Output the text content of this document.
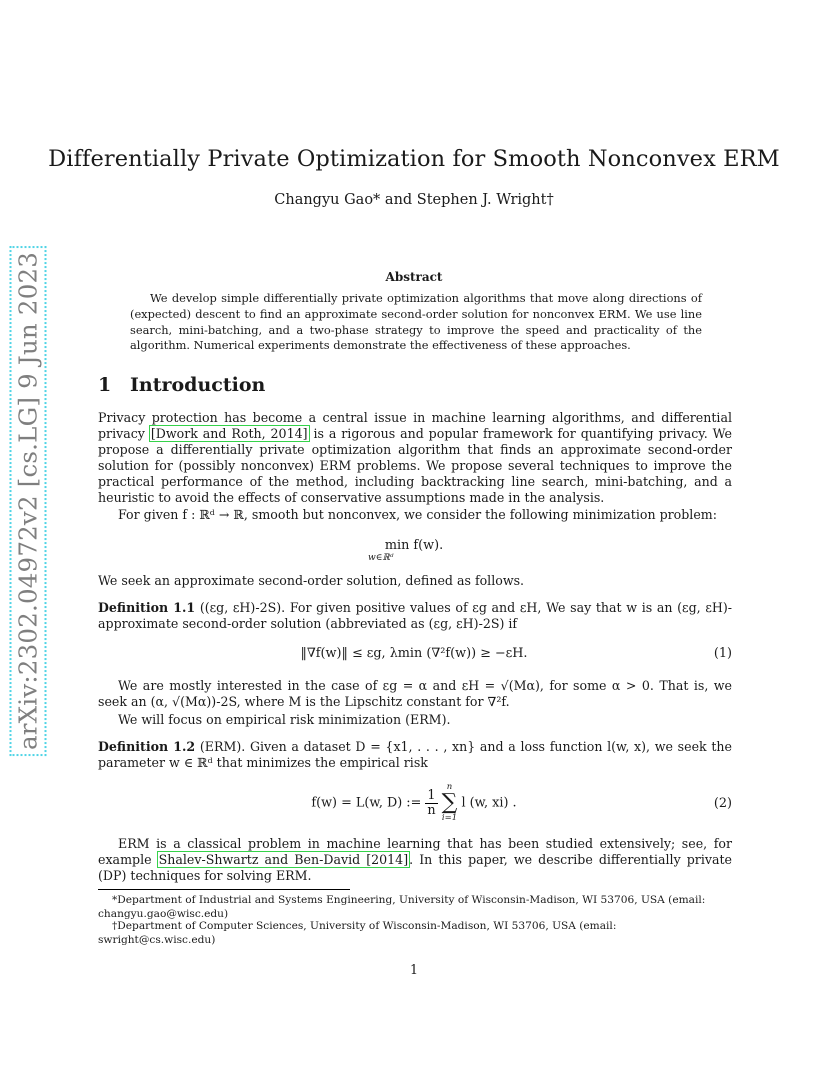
arXiv:2302.04972v2 [cs.LG] 9 Jun 2023
Differentially Private Optimization for Smooth Nonconvex ERM
Changyu Gao* and Stephen J. Wright†
Abstract
We develop simple differentially private optimization algorithms that move along directions of (expected) descent to find an approximate second-order solution for nonconvex ERM. We use line search, mini-batching, and a two-phase strategy to improve the speed and practicality of the algorithm. Numerical experiments demonstrate the effectiveness of these approaches.
1 Introduction
Privacy protection has become a central issue in machine learning algorithms, and differential privacy [Dwork and Roth, 2014] is a rigorous and popular framework for quantifying privacy. We propose a differentially private optimization algorithm that finds an approximate second-order solution for (possibly nonconvex) ERM problems. We propose several techniques to improve the practical performance of the method, including backtracking line search, mini-batching, and a heuristic to avoid the effects of conservative assumptions made in the analysis.
For given f : ℝᵈ → ℝ, smooth but nonconvex, we consider the following minimization problem:
min f(w).
w∈ℝᵈ
We seek an approximate second-order solution, defined as follows.
Definition 1.1 ((εg, εH)-2S). For given positive values of εg and εH, We say that w is an (εg, εH)-approximate second-order solution (abbreviated as (εg, εH)-2S) if
‖∇f(w)‖ ≤ εg, λmin (∇²f(w)) ≥ −εH.	(1)
We are mostly interested in the case of εg = α and εH = √(Mα), for some α > 0. That is, we seek an (α, √(Mα))-2S, where M is the Lipschitz constant for ∇²f.
We will focus on empirical risk minimization (ERM).
Definition 1.2 (ERM). Given a dataset D = {x1, . . . , xn} and a loss function l(w, x), we seek the parameter w ∈ ℝᵈ that minimizes the empirical risk
f(w) = L(w, D) := $\frac{1}{n}$

n
∑
i=1
l (w, xi) .	(2)
ERM is a classical problem in machine learning that has been studied extensively; see, for example Shalev-Shwartz and Ben-David [2014]. In this paper, we describe differentially private (DP) techniques for solving ERM.
*Department of Industrial and Systems Engineering, University of Wisconsin-Madison, WI 53706, USA (email: changyu.gao@wisc.edu)
†Department of Computer Sciences, University of Wisconsin-Madison, WI 53706, USA (email: swright@cs.wisc.edu)
1
